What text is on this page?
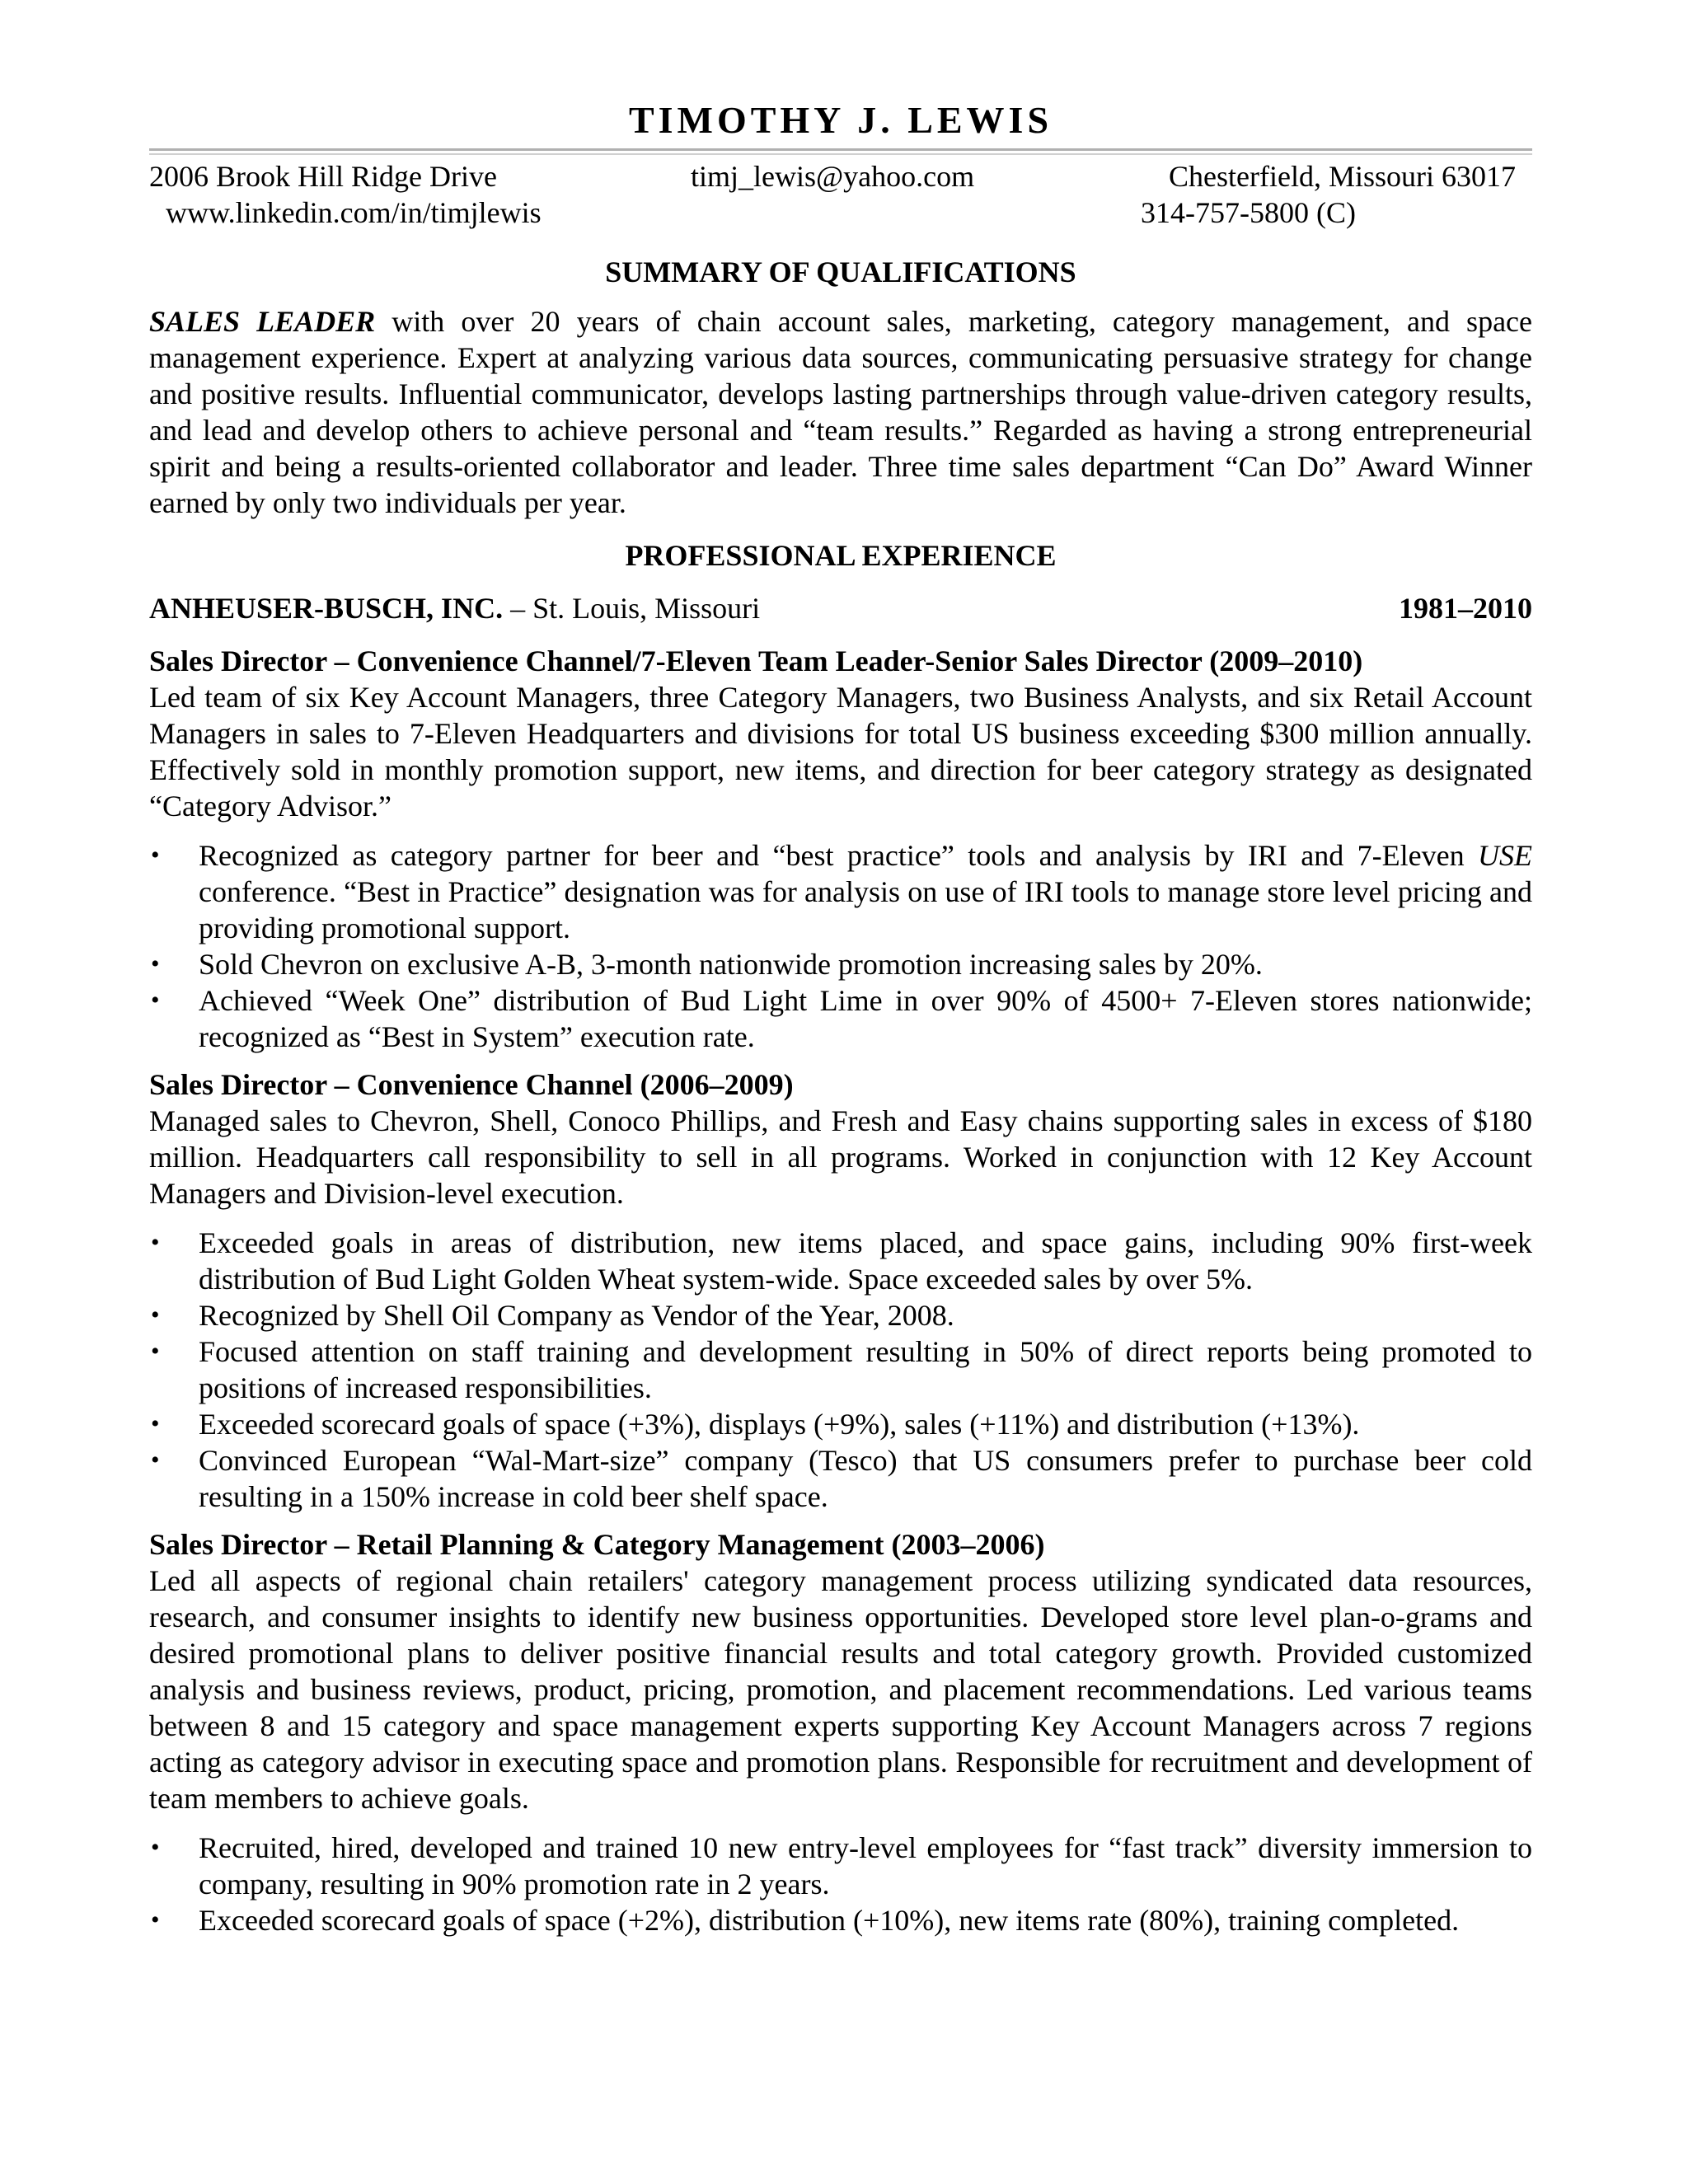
TIMOTHY J. LEWIS

2006 Brook Hill Ridge Drive	timj_lewis@yahoo.com	Chesterfield, Missouri 63017
www.linkedin.com/in/timjlewis	314-757-5800 (C)

SUMMARY OF QUALIFICATIONS

SALES LEADER with over 20 years of chain account sales, marketing, category management, and space management experience. Expert at analyzing various data sources, communicating persuasive strategy for change and positive results. Influential communicator, develops lasting partnerships through value-driven category results, and lead and develop others to achieve personal and “team results.” Regarded as having a strong entrepreneurial spirit and being a results-oriented collaborator and leader. Three time sales department “Can Do” Award Winner earned by only two individuals per year.

PROFESSIONAL EXPERIENCE

ANHEUSER-BUSCH, INC. – St. Louis, Missouri	1981–2010

Sales Director – Convenience Channel/7-Eleven Team Leader-Senior Sales Director (2009–2010)

Led team of six Key Account Managers, three Category Managers, two Business Analysts, and six Retail Account Managers in sales to 7-Eleven Headquarters and divisions for total US business exceeding $300 million annually. Effectively sold in monthly promotion support, new items, and direction for beer category strategy as designated “Category Advisor.”

• Recognized as category partner for beer and “best practice” tools and analysis by IRI and 7-Eleven USE conference. “Best in Practice” designation was for analysis on use of IRI tools to manage store level pricing and providing promotional support.
• Sold Chevron on exclusive A-B, 3-month nationwide promotion increasing sales by 20%.
• Achieved “Week One” distribution of Bud Light Lime in over 90% of 4500+ 7-Eleven stores nationwide; recognized as “Best in System” execution rate.

Sales Director – Convenience Channel (2006–2009)

Managed sales to Chevron, Shell, Conoco Phillips, and Fresh and Easy chains supporting sales in excess of $180 million. Headquarters call responsibility to sell in all programs. Worked in conjunction with 12 Key Account Managers and Division-level execution.

• Exceeded goals in areas of distribution, new items placed, and space gains, including 90% first-week distribution of Bud Light Golden Wheat system-wide. Space exceeded sales by over 5%.
• Recognized by Shell Oil Company as Vendor of the Year, 2008.
• Focused attention on staff training and development resulting in 50% of direct reports being promoted to positions of increased responsibilities.
• Exceeded scorecard goals of space (+3%), displays (+9%), sales (+11%) and distribution (+13%).
• Convinced European “Wal-Mart-size” company (Tesco) that US consumers prefer to purchase beer cold resulting in a 150% increase in cold beer shelf space.

Sales Director – Retail Planning & Category Management (2003–2006)

Led all aspects of regional chain retailers' category management process utilizing syndicated data resources, research, and consumer insights to identify new business opportunities. Developed store level plan-o-grams and desired promotional plans to deliver positive financial results and total category growth. Provided customized analysis and business reviews, product, pricing, promotion, and placement recommendations. Led various teams between 8 and 15 category and space management experts supporting Key Account Managers across 7 regions acting as category advisor in executing space and promotion plans. Responsible for recruitment and development of team members to achieve goals.

• Recruited, hired, developed and trained 10 new entry-level employees for “fast track” diversity immersion to company, resulting in 90% promotion rate in 2 years.
• Exceeded scorecard goals of space (+2%), distribution (+10%), new items rate (80%), training completed.
